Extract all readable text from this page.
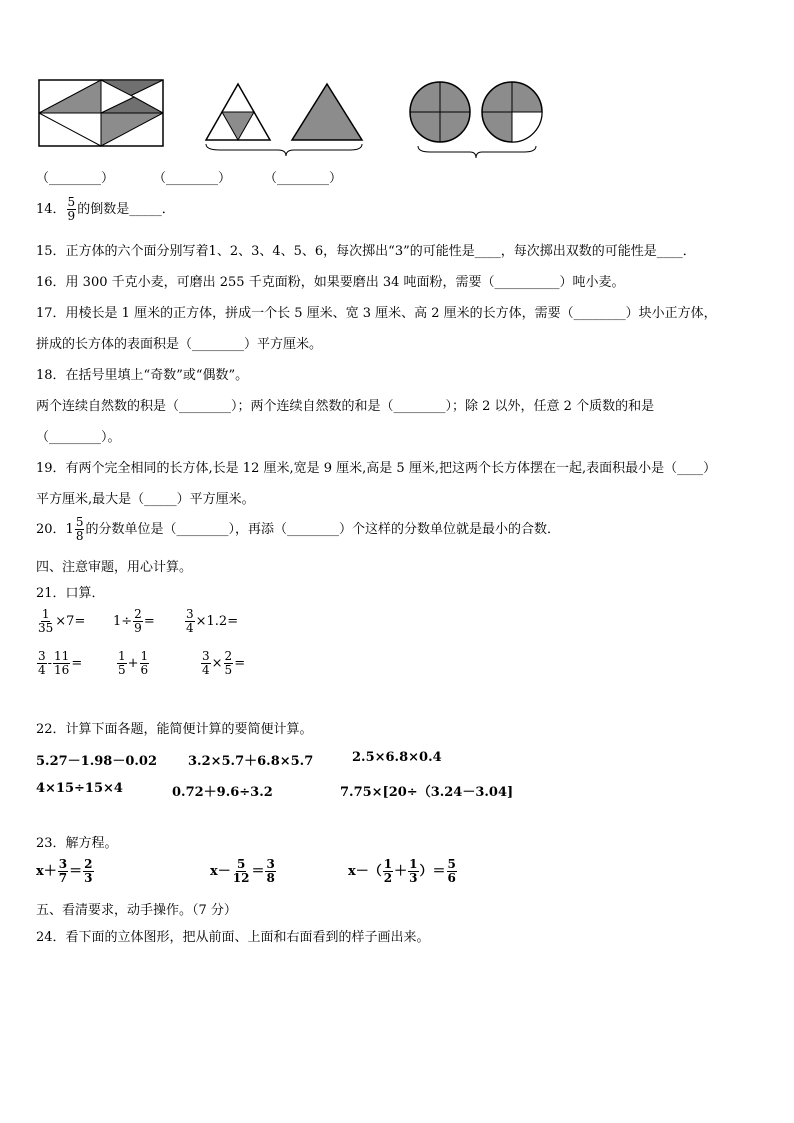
（________）	（________）	（________）
14． $\frac{5}{9}$ 的倒数是_____．
15．正方体的六个面分别写着1、2、3、4、5、6，每次掷出“3”的可能性是____，每次掷出双数的可能性是____．
16．用 300 千克小麦，可磨出 255 千克面粉，如果要磨出 34 吨面粉，需要（__________）吨小麦。
17．用棱长是 1 厘米的正方体，拼成一个长 5 厘米、宽 3 厘米、高 2 厘米的长方体，需要（________）块小正方体，
拼成的长方体的表面积是（________）平方厘米。
18．在括号里填上“奇数”或“偶数”。
两个连续自然数的积是（________）；两个连续自然数的和是（________）；除 2 以外，任意 2 个质数的和是
（________）。
19．有两个完全相同的长方体,长是 12 厘米,宽是 9 厘米,高是 5 厘米,把这两个长方体摆在一起,表面积最小是（____）
平方厘米,最大是（_____）平方厘米。
20．$1 \frac{5}{8}$ 的分数单位是（________），再添（________）个这样的分数单位就是最小的合数．
四、注意审题，用心计算。
21．口算．
$\frac{1}{35} \times 7= 1\div \frac{2}{9}$ =	$\frac{3}{4} \times 1.2=$
$\frac{3}{4} - \frac{11}{16}$ =	$\frac{1}{5} + \frac{1}{6}$	$\frac{3}{4} \times \frac{2}{5}$ =
22．计算下面各题，能简便计算的要简便计算。
5.27－1.98－0.02 3.2×5.7＋6.8×5.7	2.5×6.8×0.4
4×15÷15×4	0.72＋9.6÷3.2	7.75×[20÷（3.24－3.04]
23．解方程。
$x+ \frac{3}{7} = \frac{2}{3}$	$x- \frac{5}{12} = \frac{3}{8}$	$x-( \frac{1}{2} + \frac{1}{3}$ ）＝ $\frac{5}{6}$
五、看清要求，动手操作。（7 分）
24．看下面的立体图形，把从前面、上面和右面看到的样子画出来。
